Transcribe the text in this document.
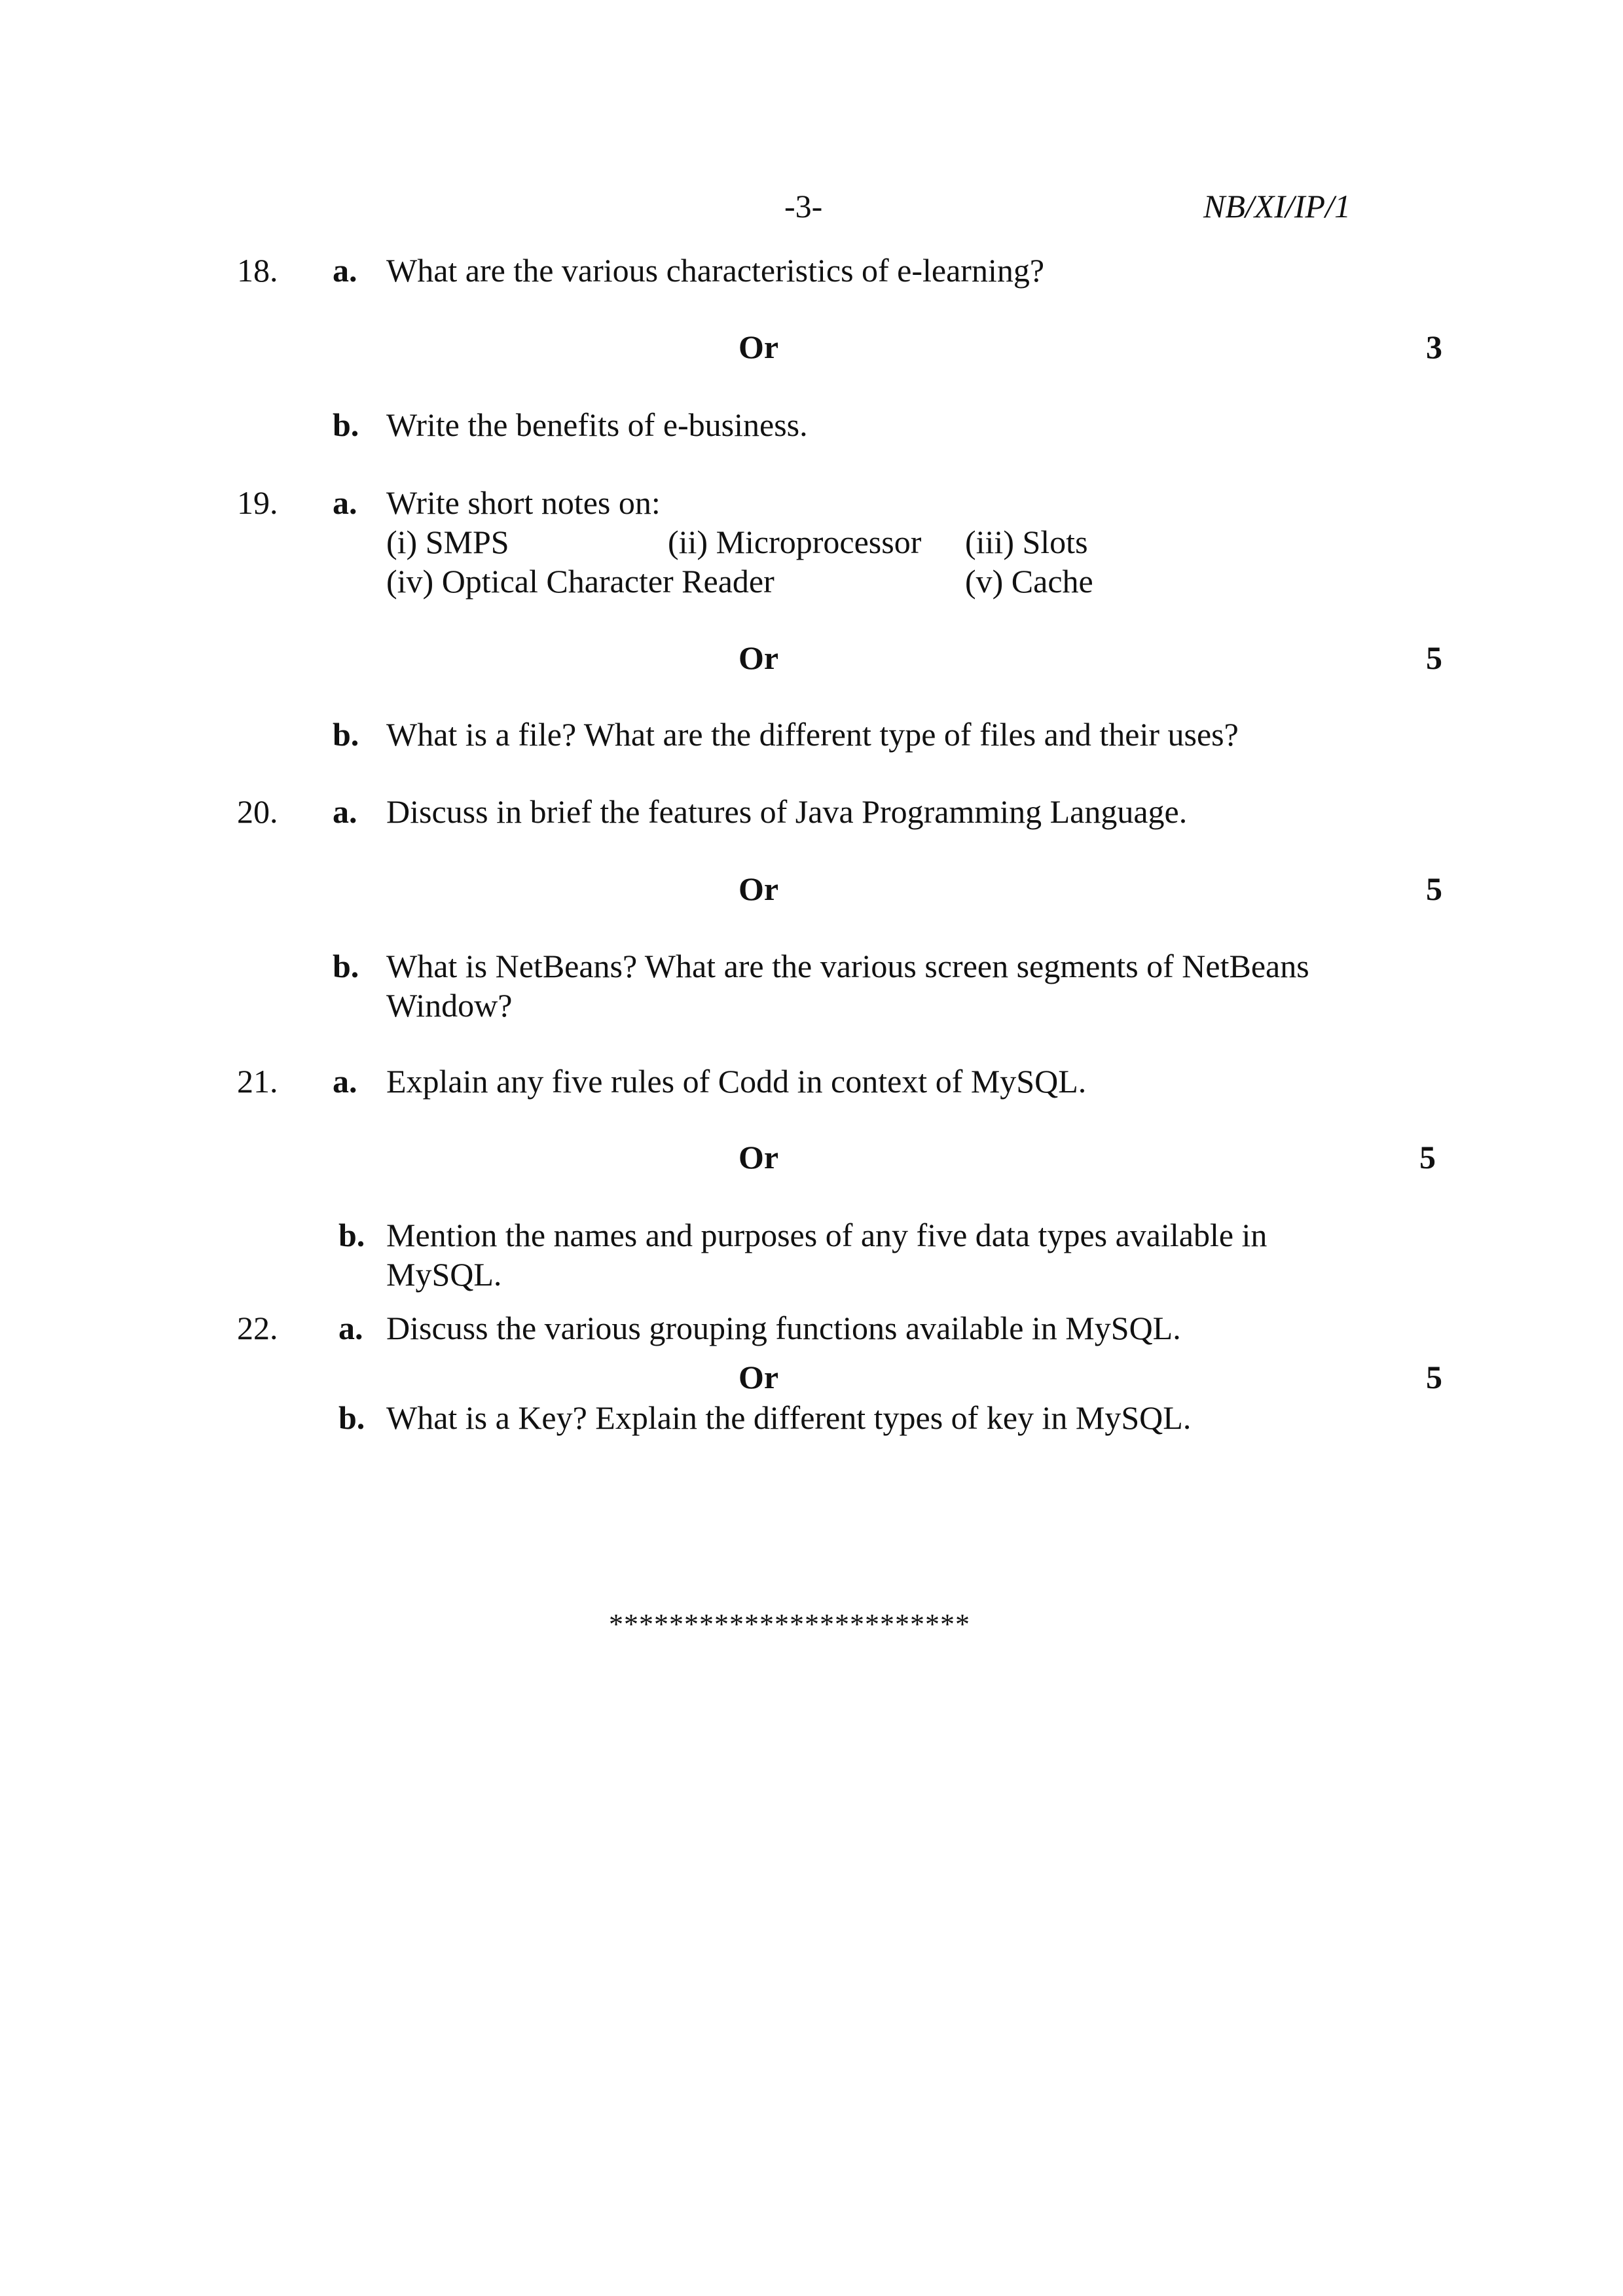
-3-	NB/XI/IP/1
18. a. What are the various characteristics of e-learning?
Or	3
b. Write the benefits of e-business.
19. a. Write short notes on:
(i) SMPS	(ii) Microprocessor (iii) Slots
(iv) Optical Character Reader	(v) Cache
Or	5
b. What is a file? What are the different type of files and their uses?
20. a. Discuss in brief the features of Java Programming Language.
Or	5
b. What is NetBeans? What are the various screen segments of NetBeans
Window?
21. a. Explain any five rules of Codd in context of MySQL.
Or	5
b. Mention the names and purposes of any five data types available in
MySQL.
22. a. Discuss the various grouping functions available in MySQL.
Or	5
b. What is a Key? Explain the different types of key in MySQL.
************************
